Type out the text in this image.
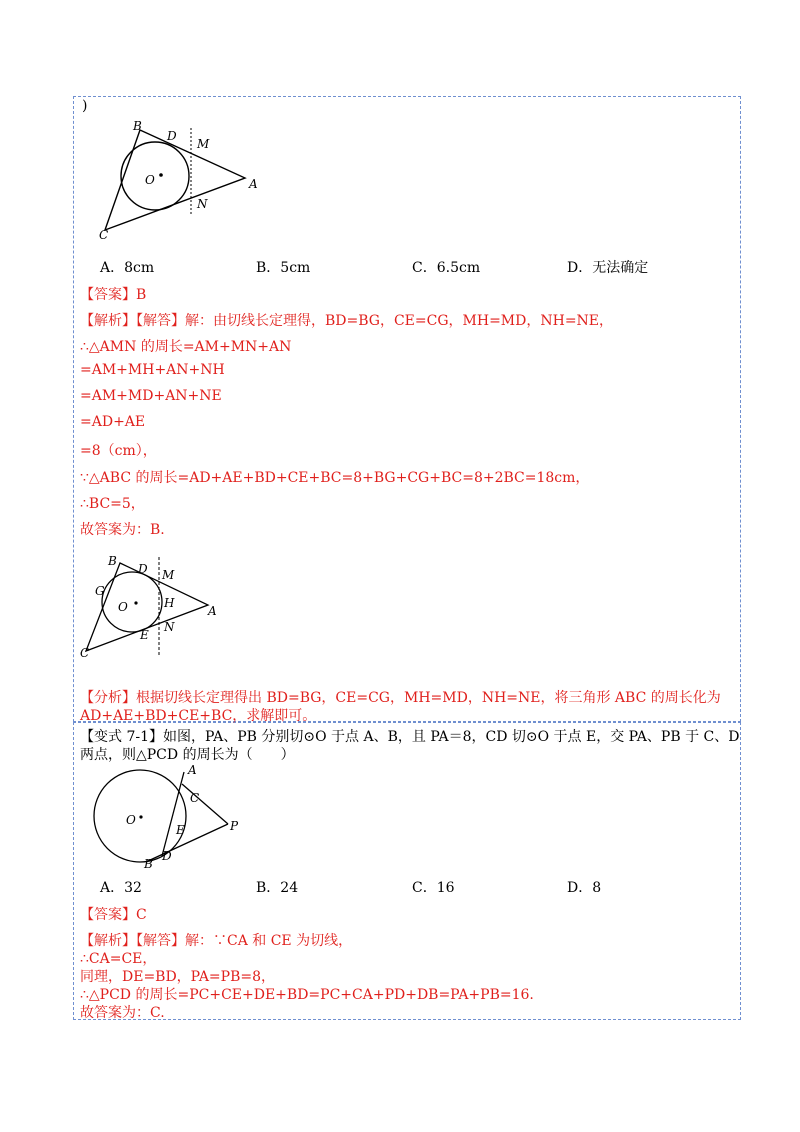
)
B
D
M
O	A
N
C
A．8cm	B．5cm	C．6.5cm	D．无法确定
【答案】B
【解析】【解答】解：由切线长定理得，BD=BG，CE=CG，MH=MD，NH=NE，
∴△AMN 的周长=AM+MN+AN
=AM+MH+AN+NH
=AM+MD+AN+NE
=AD+AE
=8（cm），
∵△ABC 的周长=AD+AE+BD+CE+BC=8+BG+CG+BC=8+2BC=18cm，
∴BC=5，
故答案为：B.
B
D M
G
O	H
A
E
N
C
【分析】根据切线长定理得出 BD=BG，CE=CG，MH=MD，NH=NE，将三角形 ABC 的周长化为
AD+AE+BD+CE+BC，求解即可。
【变式 7-1】如图，PA、PB 分别切⊙O 于点 A、B，且 PA＝8，CD 切⊙O 于点 E，交 PA、PB 于 C、D
两点，则△PCD 的周长为（　　）
A
C
O
E	P
B
D
A．32	B．24	C．16	D．8
【答案】C
【解析】【解答】解：∵CA 和 CE 为切线，
∴CA=CE，
同理，DE=BD，PA=PB=8，
∴△PCD 的周长=PC+CE+DE+BD=PC+CA+PD+DB=PA+PB=16.
故答案为：C.
